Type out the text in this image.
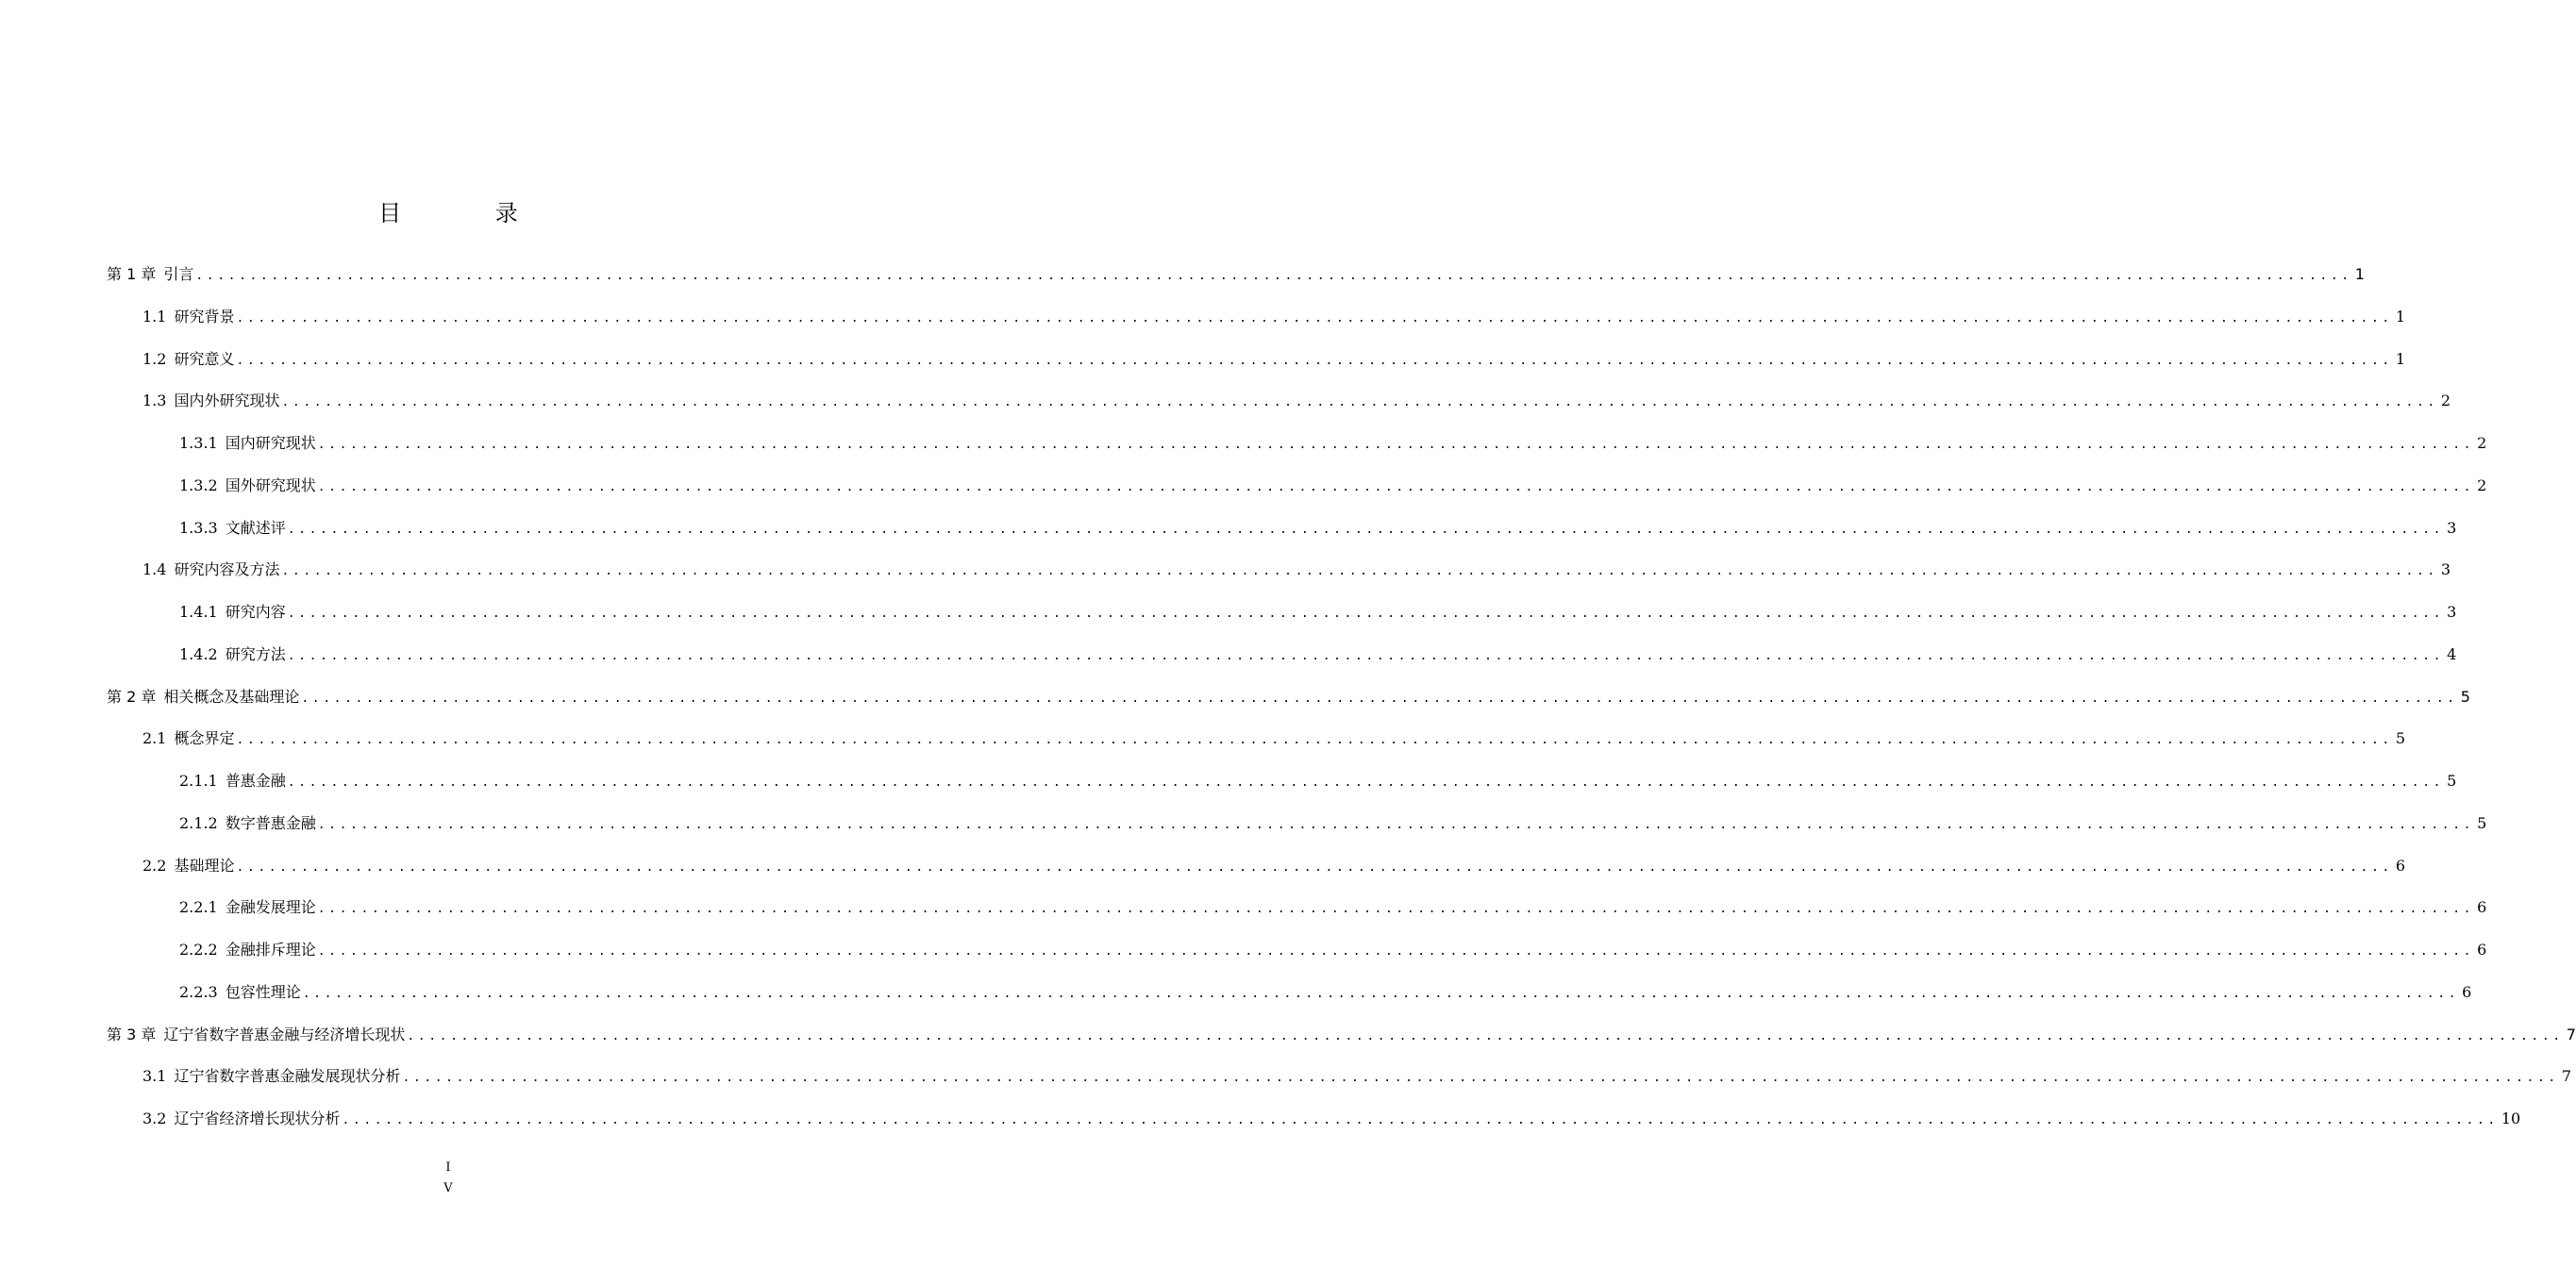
目 录
第 1 章 引言 ........................................................................................................................................................................................................ 1
1.1 研究背景 ........................................................................................................................................................................................................ 1
1.2 研究意义 ........................................................................................................................................................................................................ 1
1.3 国内外研究现状 ........................................................................................................................................................................................................ 2
1.3.1 国内研究现状 ........................................................................................................................................................................................................ 2
1.3.2 国外研究现状 ........................................................................................................................................................................................................ 2
1.3.3 文献述评 ........................................................................................................................................................................................................ 3
1.4 研究内容及方法 ........................................................................................................................................................................................................ 3
1.4.1 研究内容 ........................................................................................................................................................................................................ 3
1.4.2 研究方法 ........................................................................................................................................................................................................ 4
第 2 章 相关概念及基础理论 ........................................................................................................................................................................................................ 5
2.1 概念界定 ........................................................................................................................................................................................................ 5
2.1.1 普惠金融 ........................................................................................................................................................................................................ 5
2.1.2 数字普惠金融 ........................................................................................................................................................................................................ 5
2.2 基础理论 ........................................................................................................................................................................................................ 6
2.2.1 金融发展理论 ........................................................................................................................................................................................................ 6
2.2.2 金融排斥理论 ........................................................................................................................................................................................................ 6
2.2.3 包容性理论 ........................................................................................................................................................................................................ 6
第 3 章 辽宁省数字普惠金融与经济增长现状 ........................................................................................................................................................................................................ 7
3.1 辽宁省数字普惠金融发展现状分析 ........................................................................................................................................................................................................ 7
3.2 辽宁省经济增长现状分析 ........................................................................................................................................................................................................ 10
I
V
